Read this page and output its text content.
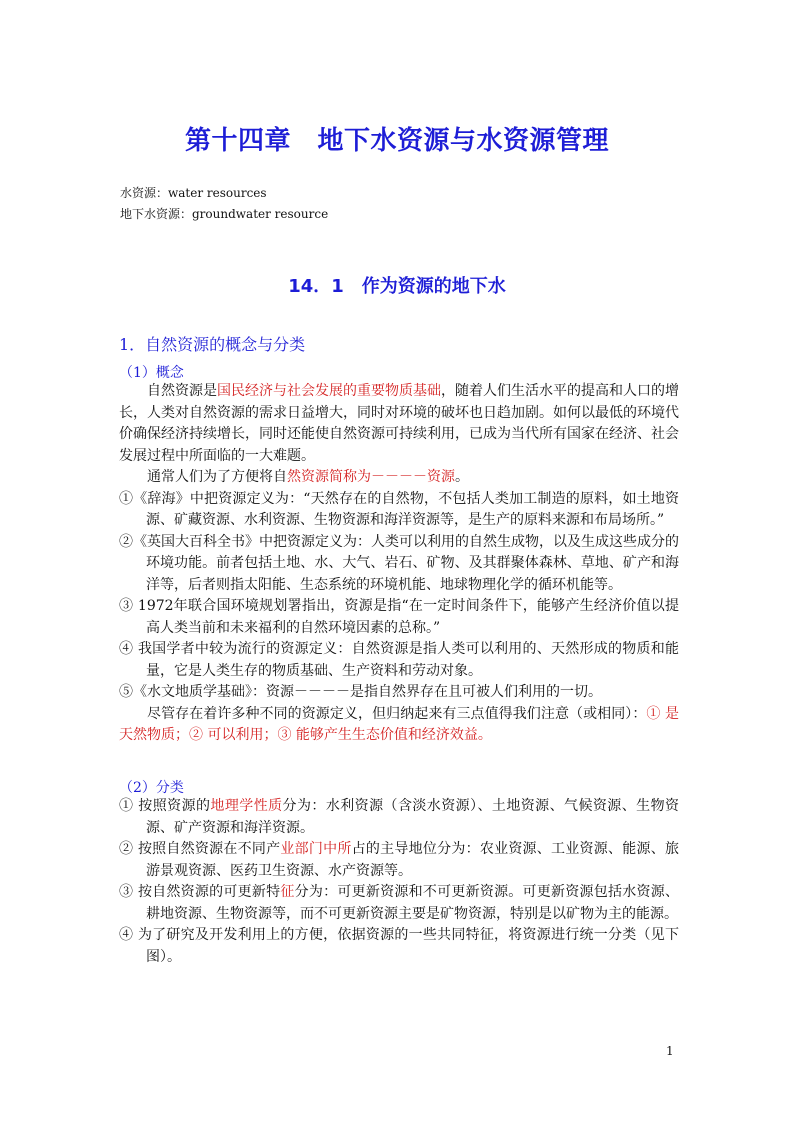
第十四章　地下水资源与水资源管理
水资源：water resources
地下水资源：groundwater resource
14．1　作为资源的地下水
1．自然资源的概念与分类
（1）概念

自然资源是国民经济与社会发展的重要物质基础，随着人们生活水平的提高和人口的增长，人类对自然资源的需求日益增大，同时对环境的破坏也日趋加剧。如何以最低的环境代价确保经济持续增长，同时还能使自然资源可持续利用，已成为当代所有国家在经济、社会发展过程中所面临的一大难题。

通常人们为了方便将自然资源简称为－－－－资源。

①《辞海》中把资源定义为：“天然存在的自然物，不包括人类加工制造的原料，如土地资源、矿藏资源、水利资源、生物资源和海洋资源等，是生产的原料来源和布局场所。”

②《英国大百科全书》中把资源定义为：人类可以利用的自然生成物，以及生成这些成分的环境功能。前者包括土地、水、大气、岩石、矿物、及其群聚体森林、草地、矿产和海洋等，后者则指太阳能、生态系统的环境机能、地球物理化学的循环机能等。

③ 1972年联合国环境规划署指出，资源是指“在一定时间条件下，能够产生经济价值以提高人类当前和未来福利的自然环境因素的总称。”

④ 我国学者中较为流行的资源定义：自然资源是指人类可以利用的、天然形成的物质和能量，它是人类生存的物质基础、生产资料和劳动对象。

⑤《水文地质学基础》：资源－－－－是指自然界存在且可被人们利用的一切。

尽管存在着许多种不同的资源定义，但归纳起来有三点值得我们注意（或相同）：① 是天然物质；② 可以利用；③ 能够产生生态价值和经济效益。

（2）分类

① 按照资源的地理学性质分为：水利资源（含淡水资源）、土地资源、气候资源、生物资源、矿产资源和海洋资源。

② 按照自然资源在不同产业部门中所占的主导地位分为：农业资源、工业资源、能源、旅游景观资源、医药卫生资源、水产资源等。

③ 按自然资源的可更新特征分为：可更新资源和不可更新资源。可更新资源包括水资源、耕地资源、生物资源等，而不可更新资源主要是矿物资源，特别是以矿物为主的能源。

④ 为了研究及开发利用上的方便，依据资源的一些共同特征，将资源进行统一分类（见下图）。

1
